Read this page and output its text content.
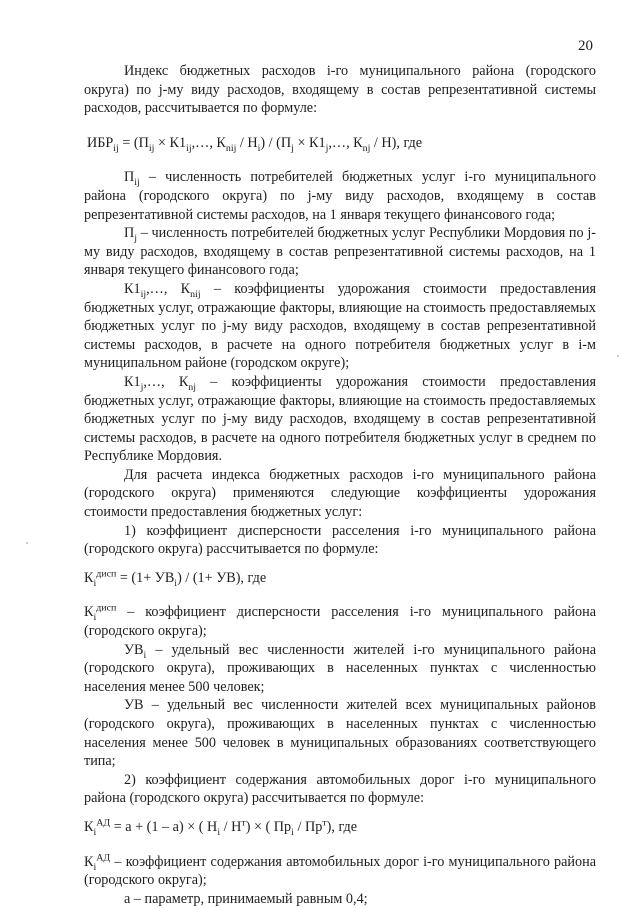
20

Индекс бюджетных расходов i-го муниципального района (городского округа) по j-му виду расходов, входящему в состав репрезентативной системы расходов, рассчитывается по формуле:

$ИБР_{ij} = (П_{ij}$ × $К1_{ij},\dots$, $К_{nij} / Н_i) / (П_j$ × $К1_j,\dots$, $К_{nj} / Н$), где

$П_{ij}$ – численность потребителей бюджетных услуг i-го муниципального района (городского округа) по j-му виду расходов, входящему в состав репрезентативной системы расходов, на 1 января текущего финансового года;

$П_j$ – численность потребителей бюджетных услуг Республики Мордовия по j-му виду расходов, входящему в состав репрезентативной системы расходов, на 1 января текущего финансового года;

$К1_{ij},\dots$, $К_{nij}$ – коэффициенты удорожания стоимости предоставления бюджетных услуг, отражающие факторы, влияющие на стоимость предоставляемых бюджетных услуг по j-му виду расходов, входящему в состав репрезентативной системы расходов, в расчете на одного потребителя бюджетных услуг в i-м муниципальном районе (городском округе);

$К1_j,\dots$, $К_{nj}$ – коэффициенты удорожания стоимости предоставления бюджетных услуг, отражающие факторы, влияющие на стоимость предоставляемых бюджетных услуг по j-му виду расходов, входящему в состав репрезентативной системы расходов, в расчете на одного потребителя бюджетных услуг в среднем по Республике Мордовия.

Для расчета индекса бюджетных расходов i-го муниципального района (городского округа) применяются следующие коэффициенты удорожания стоимости предоставления бюджетных услуг:

1) коэффициент дисперсности расселения i-го муниципального района (городского округа) рассчитывается по формуле:

$К_i^{дисп} = (1+ УВ_i) / (1+ УВ)$, где

$К_i^{дисп}$ – коэффициент дисперсности расселения i-го муниципального района (городского округа);

$УВ_i$ – удельный вес численности жителей i-го муниципального района (городского округа), проживающих в населенных пунктах с численностью населения менее 500 человек;

УВ – удельный вес численности жителей всех муниципальных районов (городского округа), проживающих в населенных пунктах с численностью населения менее 500 человек в муниципальных образованиях соответствующего типа;

2) коэффициент содержания автомобильных дорог i-го муниципального района (городского округа) рассчитывается по формуле:

$К_i^{АД} = a + (1 - a)$ × ( $Н_i / Н^т$) × ( $Пр_i / Пр^т$), где

$К_i^{АД}$ – коэффициент содержания автомобильных дорог i-го муниципального района (городского округа);

а – параметр, принимаемый равным 0,4;
